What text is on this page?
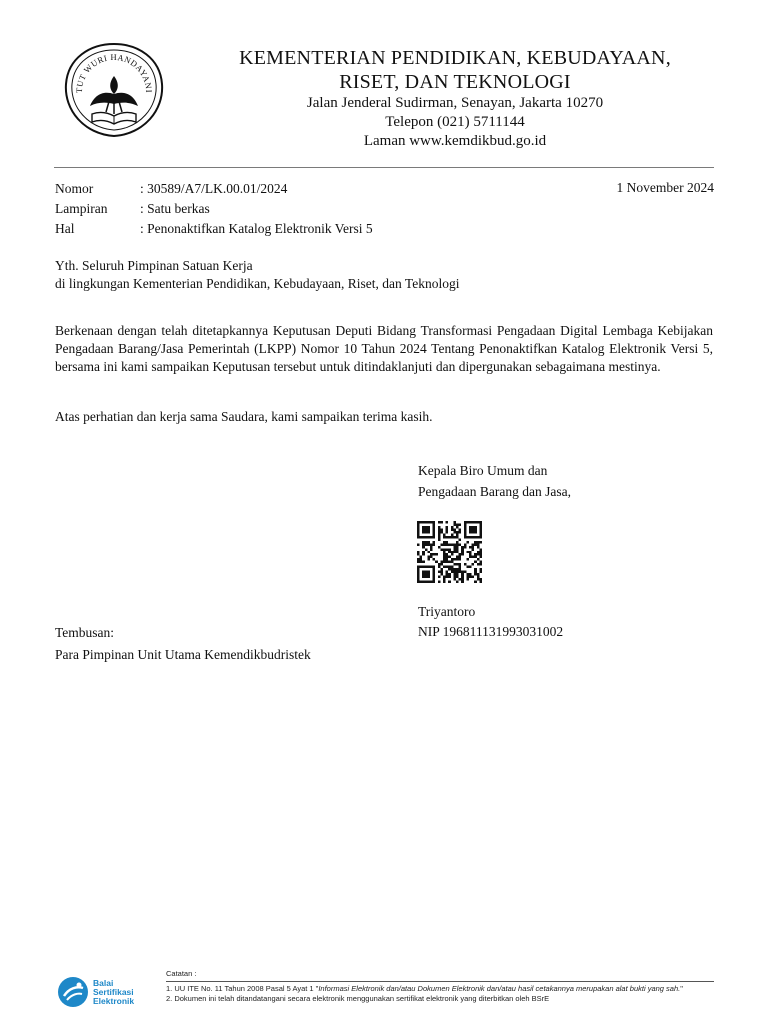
TUT WURI HANDAYANI
KEMENTERIAN PENDIDIKAN, KEBUDAYAAN,
RISET, DAN TEKNOLOGI
Jalan Jenderal Sudirman, Senayan, Jakarta 10270
Telepon (021) 5711144
Laman www.kemdikbud.go.id
Nomor	: 30589/A7/LK.00.01/2024	1 November 2024
Lampiran : Satu berkas
Hal	: Penonaktifkan Katalog Elektronik Versi 5
Yth. Seluruh Pimpinan Satuan Kerja
di lingkungan Kementerian Pendidikan, Kebudayaan, Riset, dan Teknologi
Berkenaan dengan telah ditetapkannya Keputusan Deputi Bidang Transformasi Pengadaan Digital Lembaga Kebijakan Pengadaan Barang/Jasa Pemerintah (LKPP) Nomor 10 Tahun 2024 Tentang Penonaktifkan Katalog Elektronik Versi 5, bersama ini kami sampaikan Keputusan tersebut untuk ditindaklanjuti dan dipergunakan sebagaimana mestinya.
Atas perhatian dan kerja sama Saudara, kami sampaikan terima kasih.
Kepala Biro Umum dan
Pengadaan Barang dan Jasa,
Triyantoro
NIP 196811131993031002
Tembusan:
Para Pimpinan Unit Utama Kemendikbudristek
Balai
Sertifikasi
Elektronik
Catatan :
1. UU ITE No. 11 Tahun 2008 Pasal 5 Ayat 1 "Informasi Elektronik dan/atau Dokumen Elektronik dan/atau hasil cetakannya merupakan alat bukti yang sah."
2. Dokumen ini telah ditandatangani secara elektronik menggunakan sertifikat elektronik yang diterbitkan oleh BSrE
